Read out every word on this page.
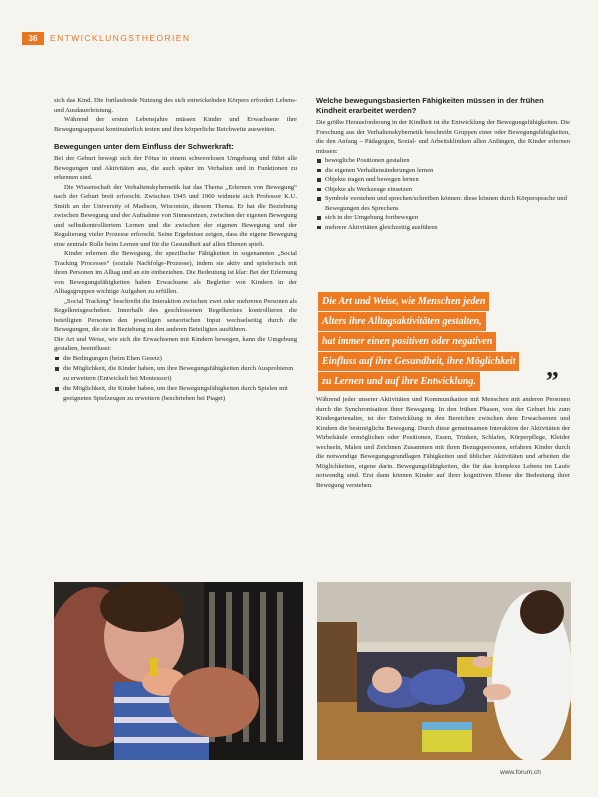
36	ENTWICKLUNGSTHEORIEN

sich das Kind. Die fortlaufende Nutzung des sich entwickelnden Körpers erfordert Lebens- und Ausdauerleistung.

Während der ersten Lebensjahre müssen Kinder und Erwachsene ihre Bewegungsapparat kontinuierlich testen und ihre körperliche Reichweite ausweiten.

Bewegungen unter dem Einfluss der Schwerkraft:

Bei der Geburt bewegt sich der Fötus in einem schwerelosen Umgebung und führt alle Bewegungen und Aktivitäten aus, die auch später im Verhalten und in Funktionen zu erkennen sind.

Die Wissenschaft der Verhaltenskybernetik hat das Thema „Erlernen von Bewegung“ nach der Geburt breit erforscht. Zwischen 1945 und 1960 widmete sich Professor K.U. Smith an der University of Madison, Wisconsin, diesem Thema. Er hat die Beziehung zwischen Bewegung und der Aufnahme von Sinnesreizen, zwischen der eigenen Bewegung und selbstkontrolliertem Lernen und die zwischen der eigenen Bewegung und der Regulierung vieler Prozesse erforscht. Seine Ergebnisse zeigen, dass die eigene Bewegung eine zentrale Rolle beim Lernen und für die Gesundheit auf allen Ebenen spielt.

Kinder erlernen die Bewegung, ihr spezifische Fähigkeiten in sogenannten „Social Tracking Processes“ (soziale Nachfolge-Prozesse), indem sie aktiv und spielerisch mit ihren Personen im Alltag und an ein einbeziehen. Die Bedeutung ist klar: Bei der Erlernung von Bewegungsfähigkeiten haben Erwachsene als Begleiter von Kindern in der Alltagsgruppen wichtige Aufgaben zu erfüllen.

„Social Tracking“ beschreibt die Interaktion zwischen zwei oder mehreren Personen als Regelkreisgeschehen. Innerhalb des geschlossenen Regelkreises kontrollieren die beteiligten Personen den jeweiligen sensorischen Input wechselseitig durch die Bewegungen, die sie in Beziehung zu den anderen Beteiligten ausführen.

Die Art und Weise, wie sich die Erwachsenen mit Kindern bewegen, kann die Umgebung gestalten, beeinflusst:

die Bedingungen (beim Ehen Gesetz)
die Möglichkeit, die Kinder haben, um ihre Bewegungsfähigkeiten durch Ausprobieren zu erweitern (Entwickelt bei Montessori)
die Möglichkeit, die Kinder haben, um ihre Bewegungsfähigkeiten durch Spielen mit geeigneten Spielzeugen zu erweitern (beschrieben bei Piaget)
Welche bewegungsbasierten Fähigkeiten müssen in der frühen Kindheit erarbeitet werden?

Die größte Herausforderung in der Kindheit ist die Entwicklung der Bewegungsfähigkeiten. Die Forschung aus der Verhaltenskybernetik beschreibt Gruppen einer oder Bewegungsfähigkeiten, die den Anfang – Pädagogen, Sozial- und Arbeitskliniken allen Anfängen, die Kinder erlernen müssen:

bewegliche Positionen gestalten
die eigenen Verhaltensänderungen lernen
Objekte tragen und bewegen lernen
Objekte als Werkzeuge einsetzen
Symbole verstehen und sprechen/schreiben können: diese können durch Körpersprache und Bewegungen des Sprechens
sich in der Umgebung fortbewegen
mehrere Aktivitäten gleichzeitig ausführen
Die Art und Weise, wie Menschen jeden
Alters ihre Alltagsaktivitäten gestalten,
hat immer einen positiven oder negativen
Einfluss auf ihre Gesundheit, ihre Möglichkeit
zu Lernen und auf ihre Entwicklung.	„

Während jeder unserer Aktivitäten und Kommunikation mit Menschen mit anderen Personen durch die Synchronisation ihrer Bewegung. In den frühen Phasen, von der Geburt bis zum Kindergartenalter, ist der Entwicklung in den Bereichen zwischen dem Erwachsenen und Kindern die bestmögliche Bewegung. Durch diese gemeinsamen Interaktion der Aktivitäten der Wirbelsäule ermöglichen oder Positionen, Essen, Trinken, Schlafen, Körperpflege, Kleider wechseln, Malen und Zeichnen Zusammen mit ihren Bezugspersonen, erfahren Kinder durch die notwendige Bewegungsgrundlagen Fähigkeiten und üblicher Aktivitäten und arbeiten die Möglichkeiten, eigene darin. Bewegungsfähigkeiten, die für das komplexe Lebens im Laufe notwendig sind. Erst dann können Kinder auf ihrer kognitiven Ebene die Bedeutung ihrer Bewegung verstehen.

www.forum.ch
